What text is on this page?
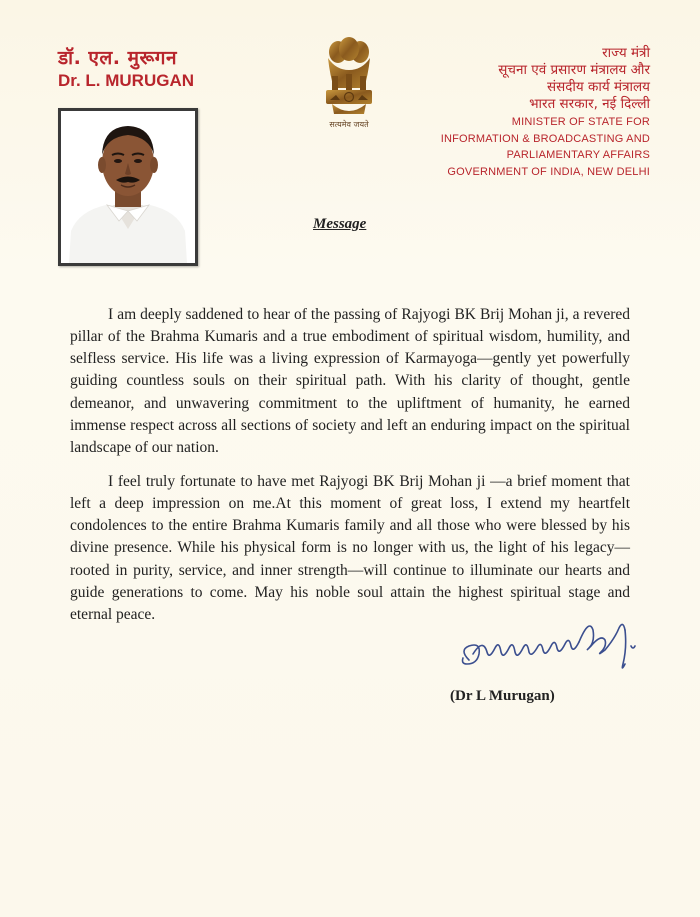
डॉ. एल. मुरूगन
Dr. L. MURUGAN
सत्यमेव जयते
राज्य मंत्री
सूचना एवं प्रसारण मंत्रालय और
संसदीय कार्य मंत्रालय
भारत सरकार, नई दिल्ली
MINISTER OF STATE FOR
INFORMATION & BROADCASTING AND
PARLIAMENTARY AFFAIRS
GOVERNMENT OF INDIA, NEW DELHI
Message

I am deeply saddened to hear of the passing of Rajyogi BK Brij Mohan ji, a revered pillar of the Brahma Kumaris and a true embodiment of spiritual wisdom, humility, and selfless service. His life was a living expression of Karmayoga—gently yet powerfully guiding countless souls on their spiritual path. With his clarity of thought, gentle demeanor, and unwavering commitment to the upliftment of humanity, he earned immense respect across all sections of society and left an enduring impact on the spiritual landscape of our nation.

I feel truly fortunate to have met Rajyogi BK Brij Mohan ji —a brief moment that left a deep impression on me.At this moment of great loss, I extend my heartfelt condolences to the entire Brahma Kumaris family and all those who were blessed by his divine presence. While his physical form is no longer with us, the light of his legacy—rooted in purity, service, and inner strength—will continue to illuminate our hearts and guide generations to come. May his noble soul attain the highest spiritual stage and eternal peace.

(Dr L Murugan)
